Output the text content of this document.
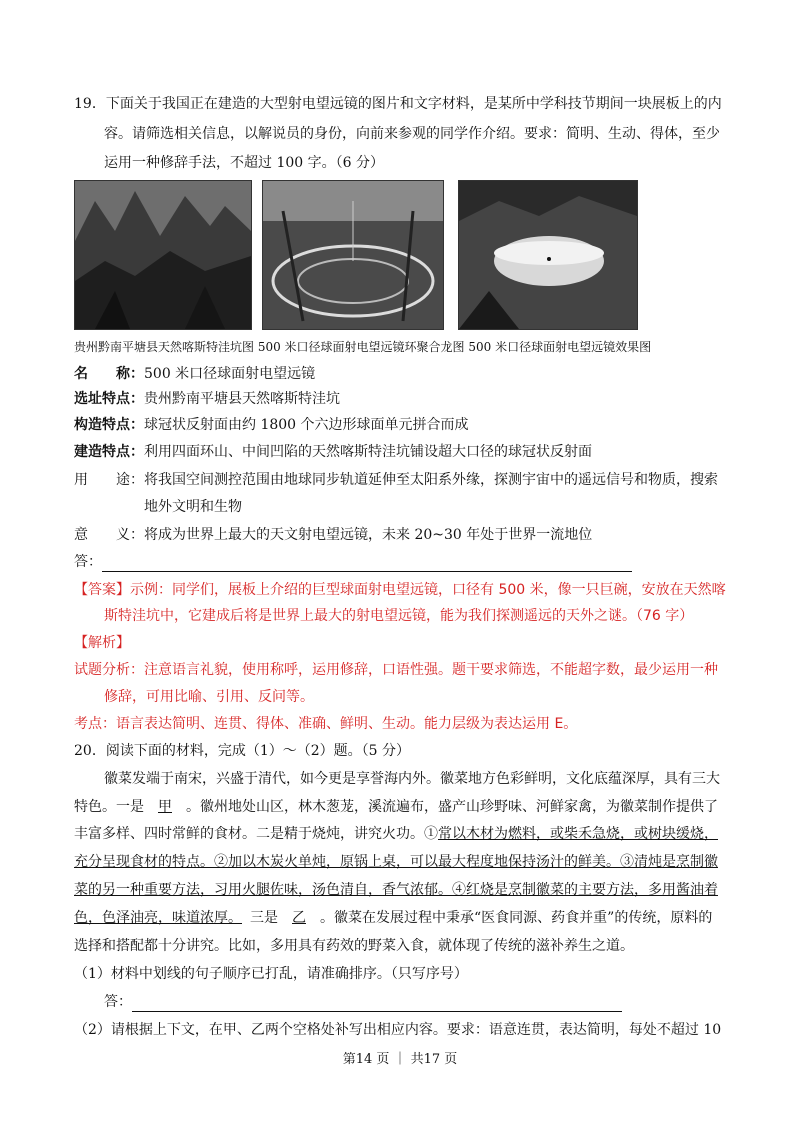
19．下面关于我国正在建造的大型射电望远镜的图片和文字材料，是某所中学科技节期间一块展板上的内
容。请筛选相关信息，以解说员的身份，向前来参观的同学作介绍。要求：简明、生动、得体，至少
运用一种修辞手法，不超过 100 字。（6 分）
贵州黔南平塘县天然喀斯特洼坑图 500 米口径球面射电望远镜环聚合龙图 500 米口径球面射电望远镜效果图
名　　称：500 米口径球面射电望远镜
选址特点：贵州黔南平塘县天然喀斯特洼坑
构造特点：球冠状反射面由约 1800 个六边形球面单元拼合而成
建造特点：利用四面环山、中间凹陷的天然喀斯特洼坑铺设超大口径的球冠状反射面
用　　途：将我国空间测控范围由地球同步轨道延伸至太阳系外缘，探测宇宙中的遥远信号和物质，搜索
地外文明和生物
意　　义：将成为世界上最大的天文射电望远镜，未来 20~30 年处于世界一流地位
答：
【答案】示例：同学们，展板上介绍的巨型球面射电望远镜，口径有 500 米，像一只巨碗，安放在天然喀
斯特洼坑中，它建成后将是世界上最大的射电望远镜，能为我们探测遥远的天外之谜。（76 字）
【解析】
试题分析：注意语言礼貌，使用称呼，运用修辞，口语性强。题干要求筛选，不能超字数，最少运用一种
修辞，可用比喻、引用、反问等。
考点：语言表达简明、连贯、得体、准确、鲜明、生动。能力层级为表达运用 E。
20．阅读下面的材料，完成（1）～（2）题。（5 分）
徽菜发端于南宋，兴盛于清代，如今更是享誉海内外。徽菜地方色彩鲜明，文化底蕴深厚，具有三大
特色。一是 甲 。徽州地处山区，林木葱茏，溪流遍布，盛产山珍野味、河鲜家禽，为徽菜制作提供了
丰富多样、四时常鲜的食材。二是精于烧炖，讲究火功。①常以木材为燃料，或柴禾急烧，或树块缓烧，
充分呈现食材的特点。②加以木炭火单炖，原锅上桌，可以最大程度地保持汤汁的鲜美。③清炖是烹制徽
菜的另一种重要方法，习用火腿佐味，汤色清自，香气浓郁。④红烧是烹制徽菜的主要方法，多用酱油着
色，色泽油亮，味道浓厚。 三是 乙 。徽菜在发展过程中秉承“医食同源、药食并重”的传统，原料的
选择和搭配都十分讲究。比如，多用具有药效的野菜入食，就体现了传统的滋补养生之道。
（1）材料中划线的句子顺序已打乱，请准确排序。（只写序号）
答：
（2）请根据上下文，在甲、乙两个空格处补写出相应内容。要求：语意连贯，表达简明，每处不超过 10
第14 页 ｜ 共17 页
